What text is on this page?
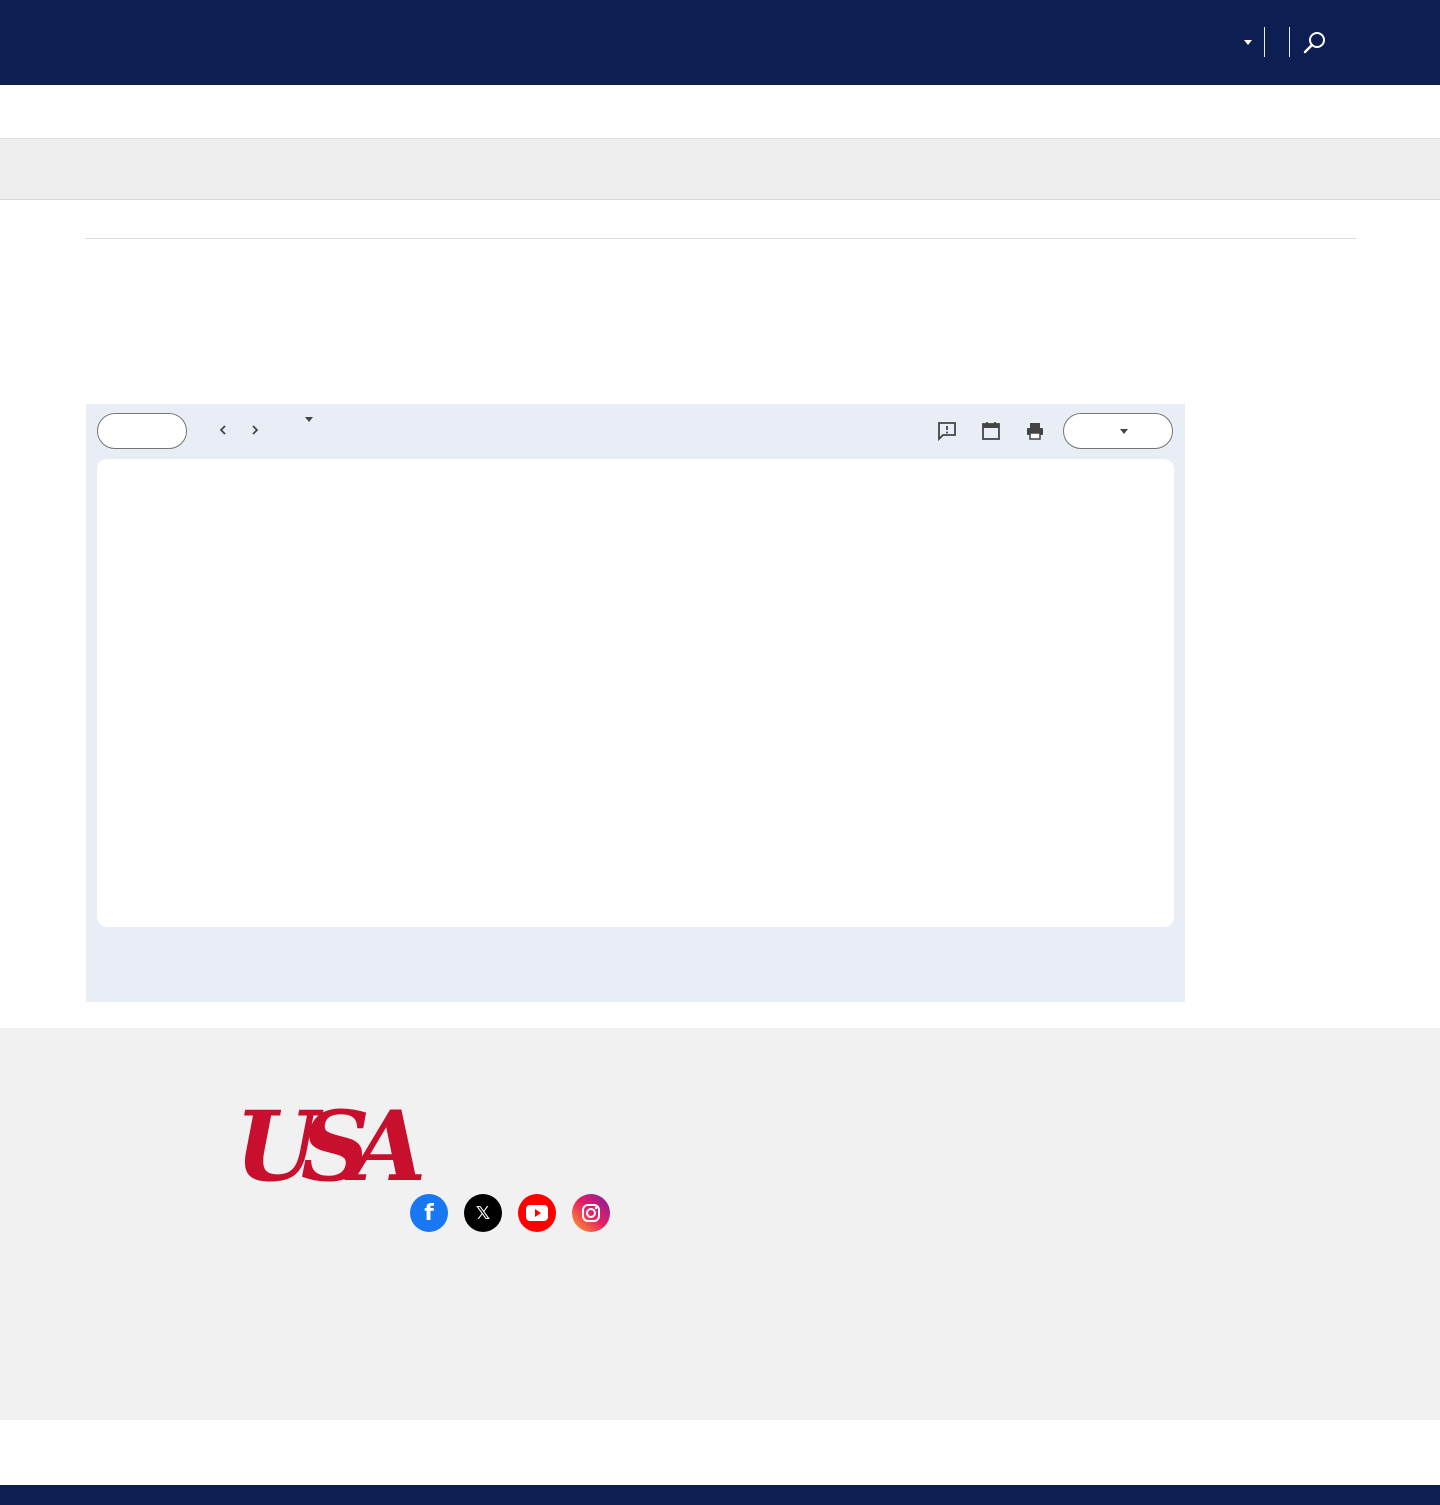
USA
f 𝕏
